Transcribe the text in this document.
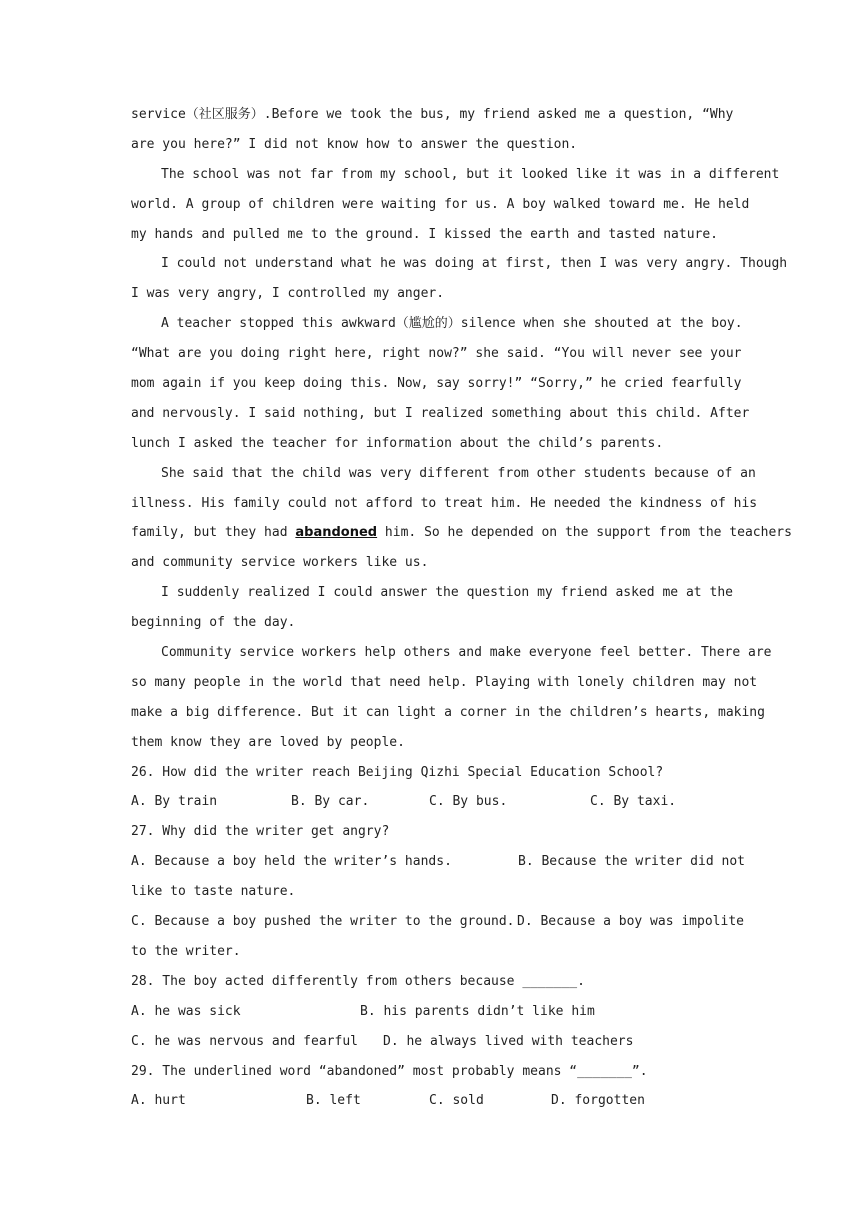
service（社区服务）.Before we took the bus, my friend asked me a question, “Why
are you here?” I did not know how to answer the question.
The school was not far from my school, but it looked like it was in a different
world. A group of children were waiting for us. A boy walked toward me. He held
my hands and pulled me to the ground. I kissed the earth and tasted nature.
I could not understand what he was doing at first, then I was very angry. Though
I was very angry, I controlled my anger.
A teacher stopped this awkward（尴尬的）silence when she shouted at the boy.
“What are you doing right here, right now?” she said. “You will never see your
mom again if you keep doing this. Now, say sorry!” “Sorry,” he cried fearfully
and nervously. I said nothing, but I realized something about this child. After
lunch I asked the teacher for information about the child’s parents.
She said that the child was very different from other students because of an
illness. His family could not afford to treat him. He needed the kindness of his
family, but they had abandoned him. So he depended on the support from the teachers
and community service workers like us.
I suddenly realized I could answer the question my friend asked me at the
beginning of the day.
Community service workers help others and make everyone feel better. There are
so many people in the world that need help. Playing with lonely children may not
make a big difference. But it can light a corner in the children’s hearts, making
them know they are loved by people.
26. How did the writer reach Beijing Qizhi Special Education School?
A. By train	B. By car.	C. By bus.	C. By taxi.
27. Why did the writer get angry?
A. Because a boy held the writer’s hands.	B. Because the writer did not
like to taste nature.
C. Because a boy pushed the writer to the ground. D. Because a boy was impolite
to the writer.
28. The boy acted differently from others because _______.
A. he was sick	B. his parents didn’t like him
C. he was nervous and fearful	D. he always lived with teachers
29. The underlined word “abandoned” most probably means “_______”.
A. hurt	B. left	C. sold	D. forgotten
